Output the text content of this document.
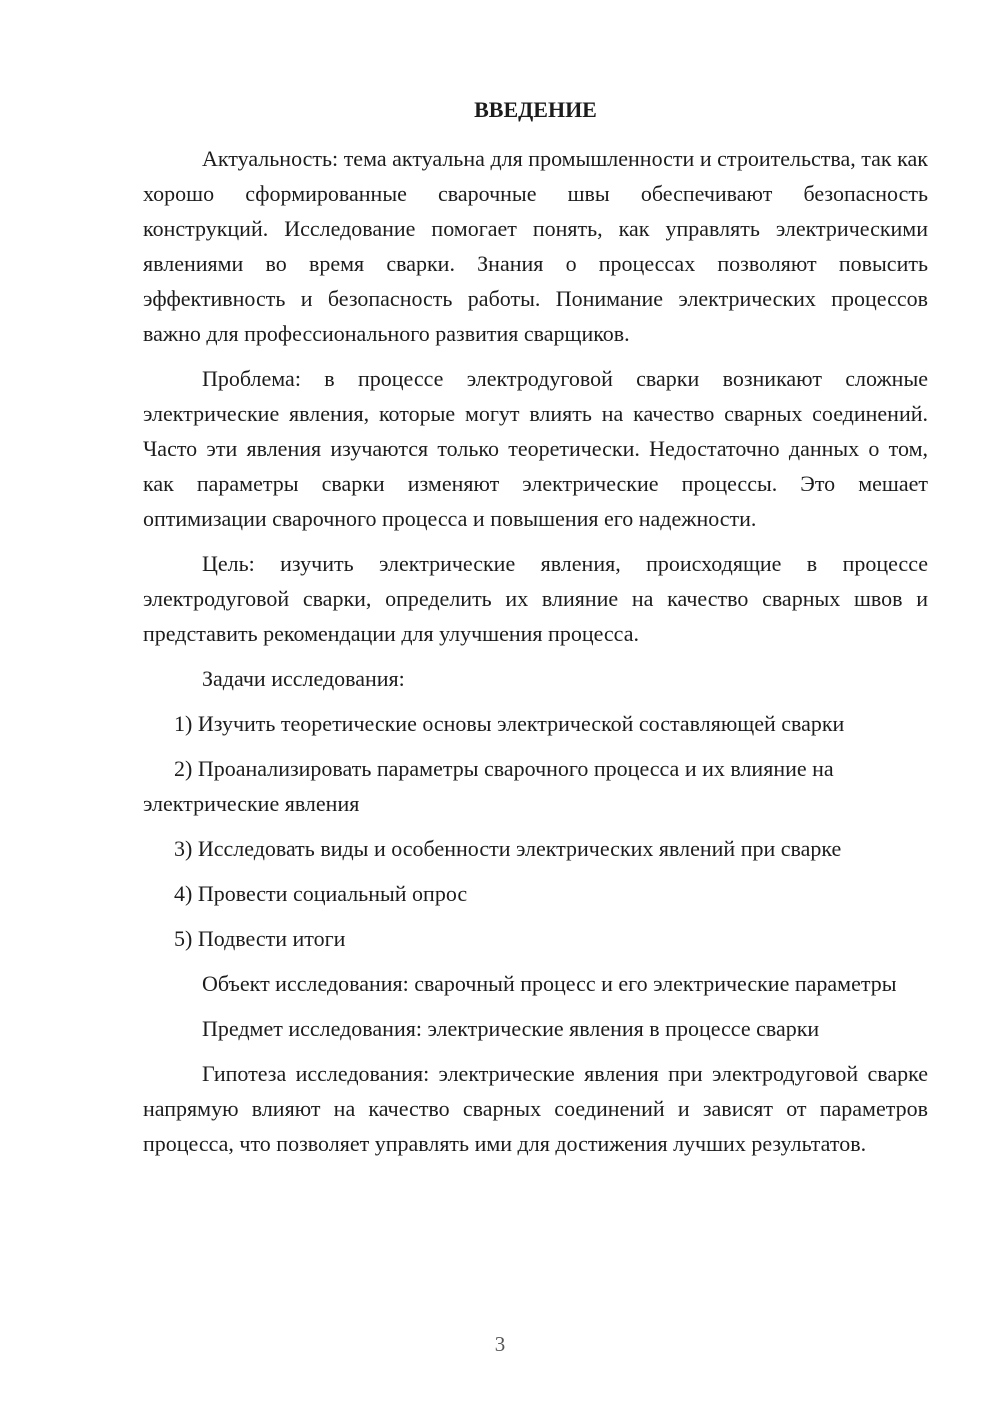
ВВЕДЕНИЕ

Актуальность: тема актуальна для промышленности и строительства, так как хорошо сформированные сварочные швы обеспечивают безопасность конструкций. Исследование помогает понять, как управлять электрическими явлениями во время сварки. Знания о процессах позволяют повысить эффективность и безопасность работы. Понимание электрических процессов важно для профессионального развития сварщиков.

Проблема: в процессе электродуговой сварки возникают сложные электрические явления, которые могут влиять на качество сварных соединений. Часто эти явления изучаются только теоретически. Недостаточно данных о том, как параметры сварки изменяют электрические процессы. Это мешает оптимизации сварочного процесса и повышения его надежности.

Цель: изучить электрические явления, происходящие в процессе электродуговой сварки, определить их влияние на качество сварных швов и представить рекомендации для улучшения процесса.

Задачи исследования:

1) Изучить теоретические основы электрической составляющей сварки

2) Проанализировать параметры сварочного процесса и их влияние на электрические явления

3) Исследовать виды и особенности электрических явлений при сварке

4) Провести социальный опрос

5) Подвести итоги

Объект исследования: сварочный процесс и его электрические параметры

Предмет исследования: электрические явления в процессе сварки

Гипотеза исследования: электрические явления при электродуговой сварке напрямую влияют на качество сварных соединений и зависят от параметров процесса, что позволяет управлять ими для достижения лучших результатов.

3
